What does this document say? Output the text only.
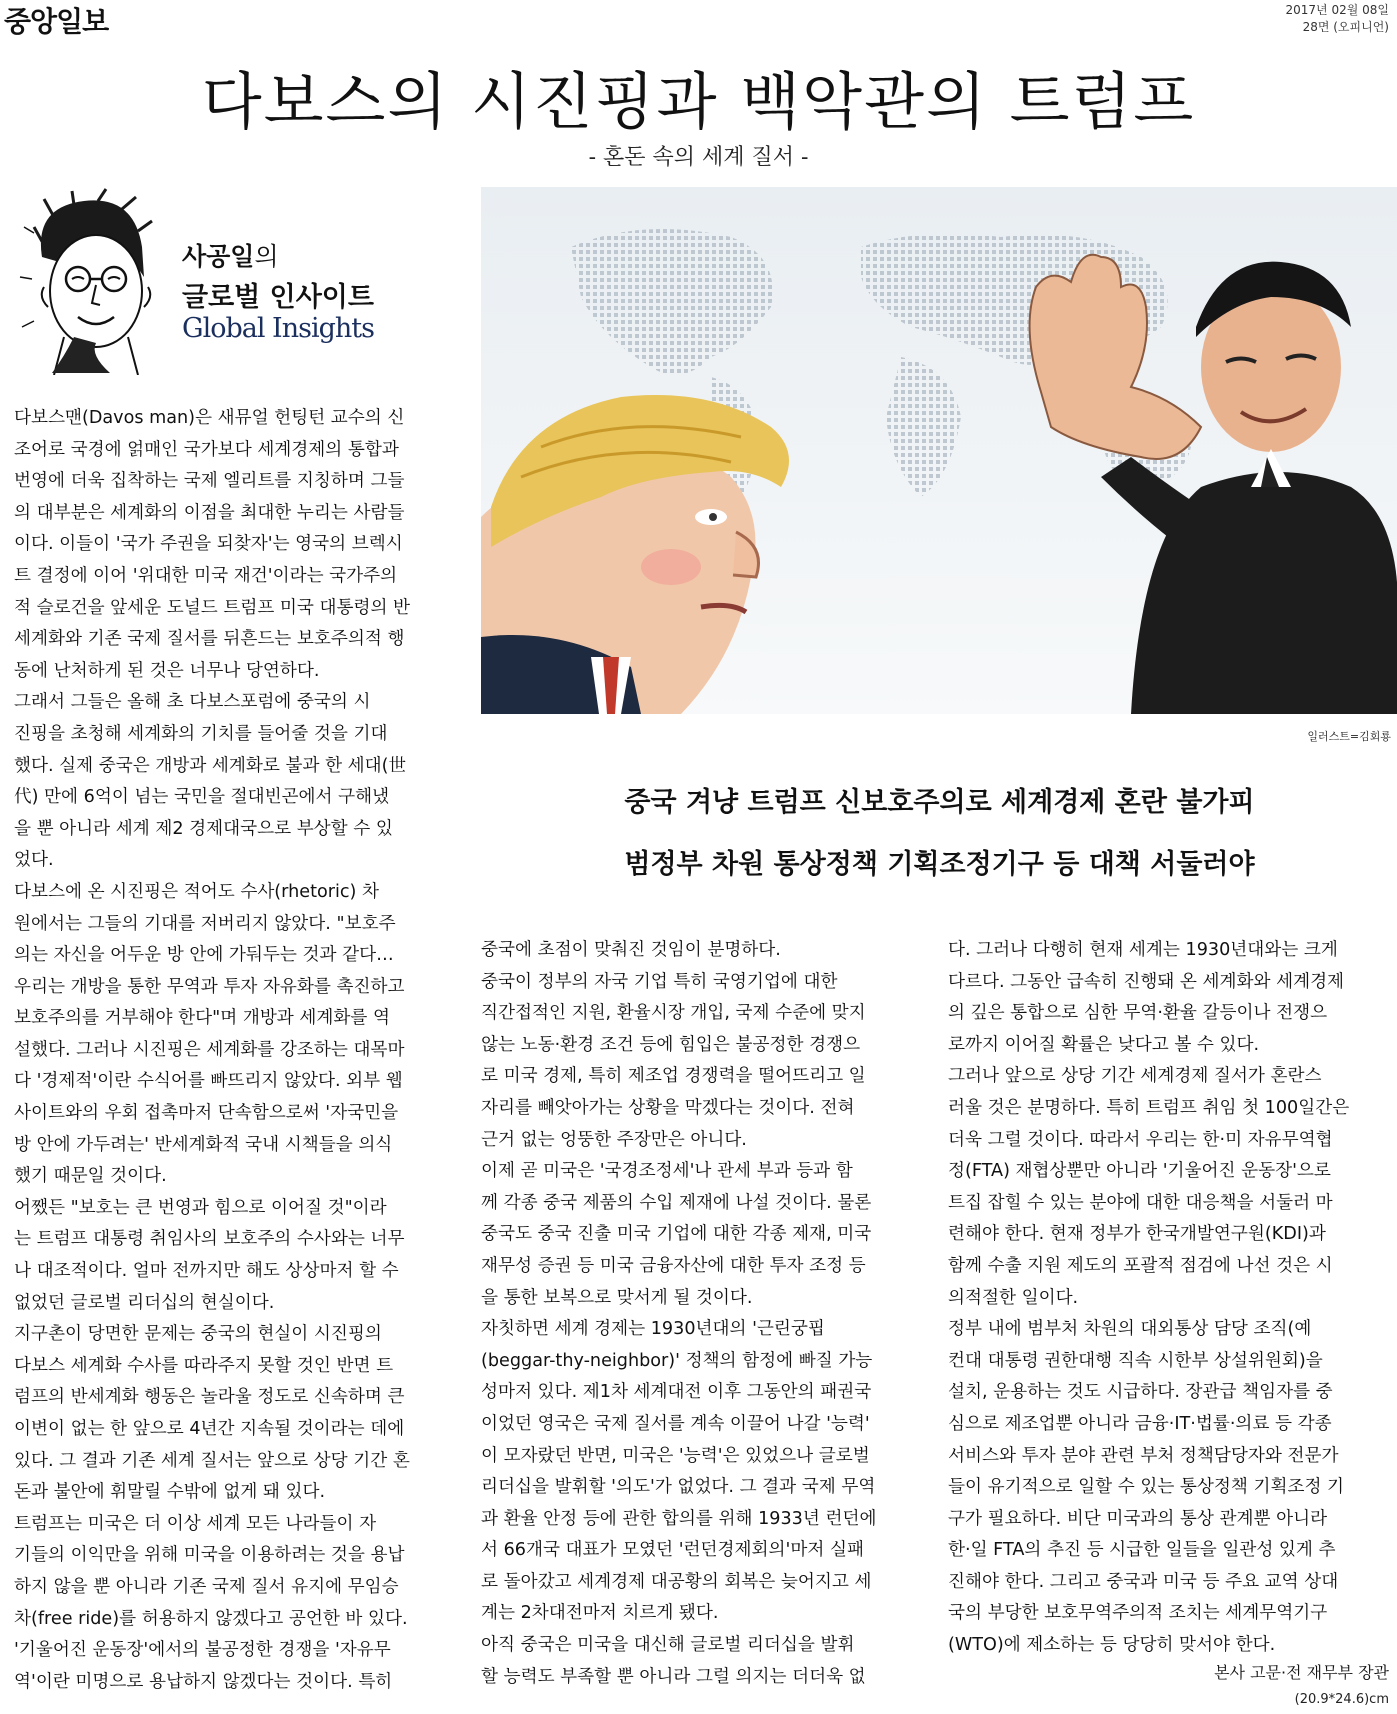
중앙일보	2017년 02월 08일
28면 (오피니언)
다보스의 시진핑과 백악관의 트럼프
- 혼돈 속의 세계 질서 -
사공일의
글로벌 인사이트
Global Insights
일러스트=김회룡
중국 겨냥 트럼프 신보호주의로 세계경제 혼란 불가피
범정부 차원 통상정책 기획조정기구 등 대책 서둘러야

다보스맨(Davos man)은 새뮤얼 헌팅턴 교수의 신

조어로 국경에 얽매인 국가보다 세계경제의 통합과

번영에 더욱 집착하는 국제 엘리트를 지칭하며 그들

의 대부분은 세계화의 이점을 최대한 누리는 사람들

이다. 이들이 '국가 주권을 되찾자'는 영국의 브렉시

트 결정에 이어 '위대한 미국 재건'이라는 국가주의

적 슬로건을 앞세운 도널드 트럼프 미국 대통령의 반

세계화와 기존 국제 질서를 뒤흔드는 보호주의적 행

동에 난처하게 된 것은 너무나 당연하다.

그래서 그들은 올해 초 다보스포럼에 중국의 시

진핑을 초청해 세계화의 기치를 들어줄 것을 기대

했다. 실제 중국은 개방과 세계화로 불과 한 세대(世

代) 만에 6억이 넘는 국민을 절대빈곤에서 구해냈

을 뿐 아니라 세계 제2 경제대국으로 부상할 수 있

었다.

다보스에 온 시진핑은 적어도 수사(rhetoric) 차

원에서는 그들의 기대를 저버리지 않았다. "보호주

의는 자신을 어두운 방 안에 가둬두는 것과 같다…

우리는 개방을 통한 무역과 투자 자유화를 촉진하고

보호주의를 거부해야 한다"며 개방과 세계화를 역

설했다. 그러나 시진핑은 세계화를 강조하는 대목마

다 '경제적'이란 수식어를 빠뜨리지 않았다. 외부 웹

사이트와의 우회 접촉마저 단속함으로써 '자국민을

방 안에 가두려는' 반세계화적 국내 시책들을 의식

했기 때문일 것이다.

어쨌든 "보호는 큰 번영과 힘으로 이어질 것"이라

는 트럼프 대통령 취임사의 보호주의 수사와는 너무

나 대조적이다. 얼마 전까지만 해도 상상마저 할 수

없었던 글로벌 리더십의 현실이다.

지구촌이 당면한 문제는 중국의 현실이 시진핑의

다보스 세계화 수사를 따라주지 못할 것인 반면 트

럼프의 반세계화 행동은 놀라울 정도로 신속하며 큰

이변이 없는 한 앞으로 4년간 지속될 것이라는 데에

있다. 그 결과 기존 세계 질서는 앞으로 상당 기간 혼

돈과 불안에 휘말릴 수밖에 없게 돼 있다.

트럼프는 미국은 더 이상 세계 모든 나라들이 자

기들의 이익만을 위해 미국을 이용하려는 것을 용납

하지 않을 뿐 아니라 기존 국제 질서 유지에 무임승

차(free ride)를 허용하지 않겠다고 공언한 바 있다.

'기울어진 운동장'에서의 불공정한 경쟁을 '자유무

역'이란 미명으로 용납하지 않겠다는 것이다. 특히

중국에 초점이 맞춰진 것임이 분명하다.

중국이 정부의 자국 기업 특히 국영기업에 대한

직간접적인 지원, 환율시장 개입, 국제 수준에 맞지

않는 노동·환경 조건 등에 힘입은 불공정한 경쟁으

로 미국 경제, 특히 제조업 경쟁력을 떨어뜨리고 일

자리를 빼앗아가는 상황을 막겠다는 것이다. 전혀

근거 없는 엉뚱한 주장만은 아니다.

이제 곧 미국은 '국경조정세'나 관세 부과 등과 함

께 각종 중국 제품의 수입 제재에 나설 것이다. 물론

중국도 중국 진출 미국 기업에 대한 각종 제재, 미국

재무성 증권 등 미국 금융자산에 대한 투자 조정 등

을 통한 보복으로 맞서게 될 것이다.

자칫하면 세계 경제는 1930년대의 '근린궁핍

(beggar-thy-neighbor)' 정책의 함정에 빠질 가능

성마저 있다. 제1차 세계대전 이후 그동안의 패권국

이었던 영국은 국제 질서를 계속 이끌어 나갈 '능력'

이 모자랐던 반면, 미국은 '능력'은 있었으나 글로벌

리더십을 발휘할 '의도'가 없었다. 그 결과 국제 무역

과 환율 안정 등에 관한 합의를 위해 1933년 런던에

서 66개국 대표가 모였던 '런던경제회의'마저 실패

로 돌아갔고 세계경제 대공황의 회복은 늦어지고 세

계는 2차대전마저 치르게 됐다.

아직 중국은 미국을 대신해 글로벌 리더십을 발휘

할 능력도 부족할 뿐 아니라 그럴 의지는 더더욱 없

다. 그러나 다행히 현재 세계는 1930년대와는 크게

다르다. 그동안 급속히 진행돼 온 세계화와 세계경제

의 깊은 통합으로 심한 무역·환율 갈등이나 전쟁으

로까지 이어질 확률은 낮다고 볼 수 있다.

그러나 앞으로 상당 기간 세계경제 질서가 혼란스

러울 것은 분명하다. 특히 트럼프 취임 첫 100일간은

더욱 그럴 것이다. 따라서 우리는 한·미 자유무역협

정(FTA) 재협상뿐만 아니라 '기울어진 운동장'으로

트집 잡힐 수 있는 분야에 대한 대응책을 서둘러 마

련해야 한다. 현재 정부가 한국개발연구원(KDI)과

함께 수출 지원 제도의 포괄적 점검에 나선 것은 시

의적절한 일이다.

정부 내에 범부처 차원의 대외통상 담당 조직(예

컨대 대통령 권한대행 직속 시한부 상설위원회)을

설치, 운용하는 것도 시급하다. 장관급 책임자를 중

심으로 제조업뿐 아니라 금융·IT·법률·의료 등 각종

서비스와 투자 분야 관련 부처 정책담당자와 전문가

들이 유기적으로 일할 수 있는 통상정책 기획조정 기

구가 필요하다. 비단 미국과의 통상 관계뿐 아니라

한·일 FTA의 추진 등 시급한 일들을 일관성 있게 추

진해야 한다. 그리고 중국과 미국 등 주요 교역 상대

국의 부당한 보호무역주의적 조치는 세계무역기구

(WTO)에 제소하는 등 당당히 맞서야 한다.

본사 고문·전 재무부 장관
(20.9*24.6)cm
